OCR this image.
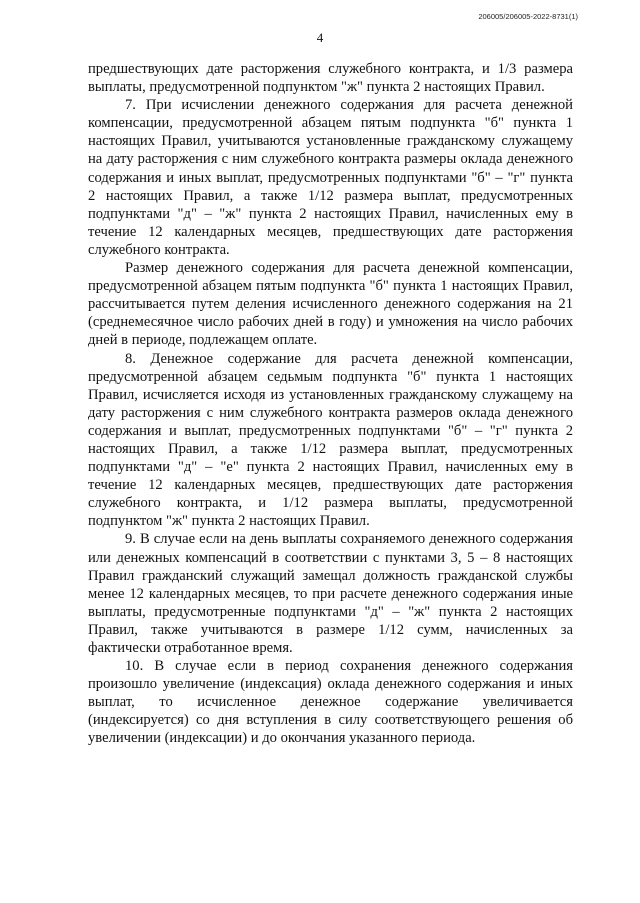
206005/206005-2022-8731(1)
4

предшествующих дате расторжения служебного контракта, и 1/3 размера выплаты, предусмотренной подпунктом "ж" пункта 2 настоящих Правил.

7. При исчислении денежного содержания для расчета денежной компенсации, предусмотренной абзацем пятым подпункта "б" пункта 1 настоящих Правил, учитываются установленные гражданскому служащему на дату расторжения с ним служебного контракта размеры оклада денежного содержания и иных выплат, предусмотренных подпунктами "б" – "г" пункта 2 настоящих Правил, а также 1/12 размера выплат, предусмотренных подпунктами "д" – "ж" пункта 2 настоящих Правил, начисленных ему в течение 12 календарных месяцев, предшествующих дате расторжения служебного контракта.

Размер денежного содержания для расчета денежной компенсации, предусмотренной абзацем пятым подпункта "б" пункта 1 настоящих Правил, рассчитывается путем деления исчисленного денежного содержания на 21 (среднемесячное число рабочих дней в году) и умножения на число рабочих дней в периоде, подлежащем оплате.

8. Денежное содержание для расчета денежной компенсации, предусмотренной абзацем седьмым подпункта "б" пункта 1 настоящих Правил, исчисляется исходя из установленных гражданскому служащему на дату расторжения с ним служебного контракта размеров оклада денежного содержания и выплат, предусмотренных подпунктами "б" – "г" пункта 2 настоящих Правил, а также 1/12 размера выплат, предусмотренных подпунктами "д" – "е" пункта 2 настоящих Правил, начисленных ему в течение 12 календарных месяцев, предшествующих дате расторжения служебного контракта, и 1/12 размера выплаты, предусмотренной подпунктом "ж" пункта 2 настоящих Правил.

9. В случае если на день выплаты сохраняемого денежного содержания или денежных компенсаций в соответствии с пунктами 3, 5 – 8 настоящих Правил гражданский служащий замещал должность гражданской службы менее 12 календарных месяцев, то при расчете денежного содержания иные выплаты, предусмотренные подпунктами "д" – "ж" пункта 2 настоящих Правил, также учитываются в размере 1/12 сумм, начисленных за фактически отработанное время.

10. В случае если в период сохранения денежного содержания произошло увеличение (индексация) оклада денежного содержания и иных выплат, то исчисленное денежное содержание увеличивается (индексируется) со дня вступления в силу соответствующего решения об увеличении (индексации) и до окончания указанного периода.
